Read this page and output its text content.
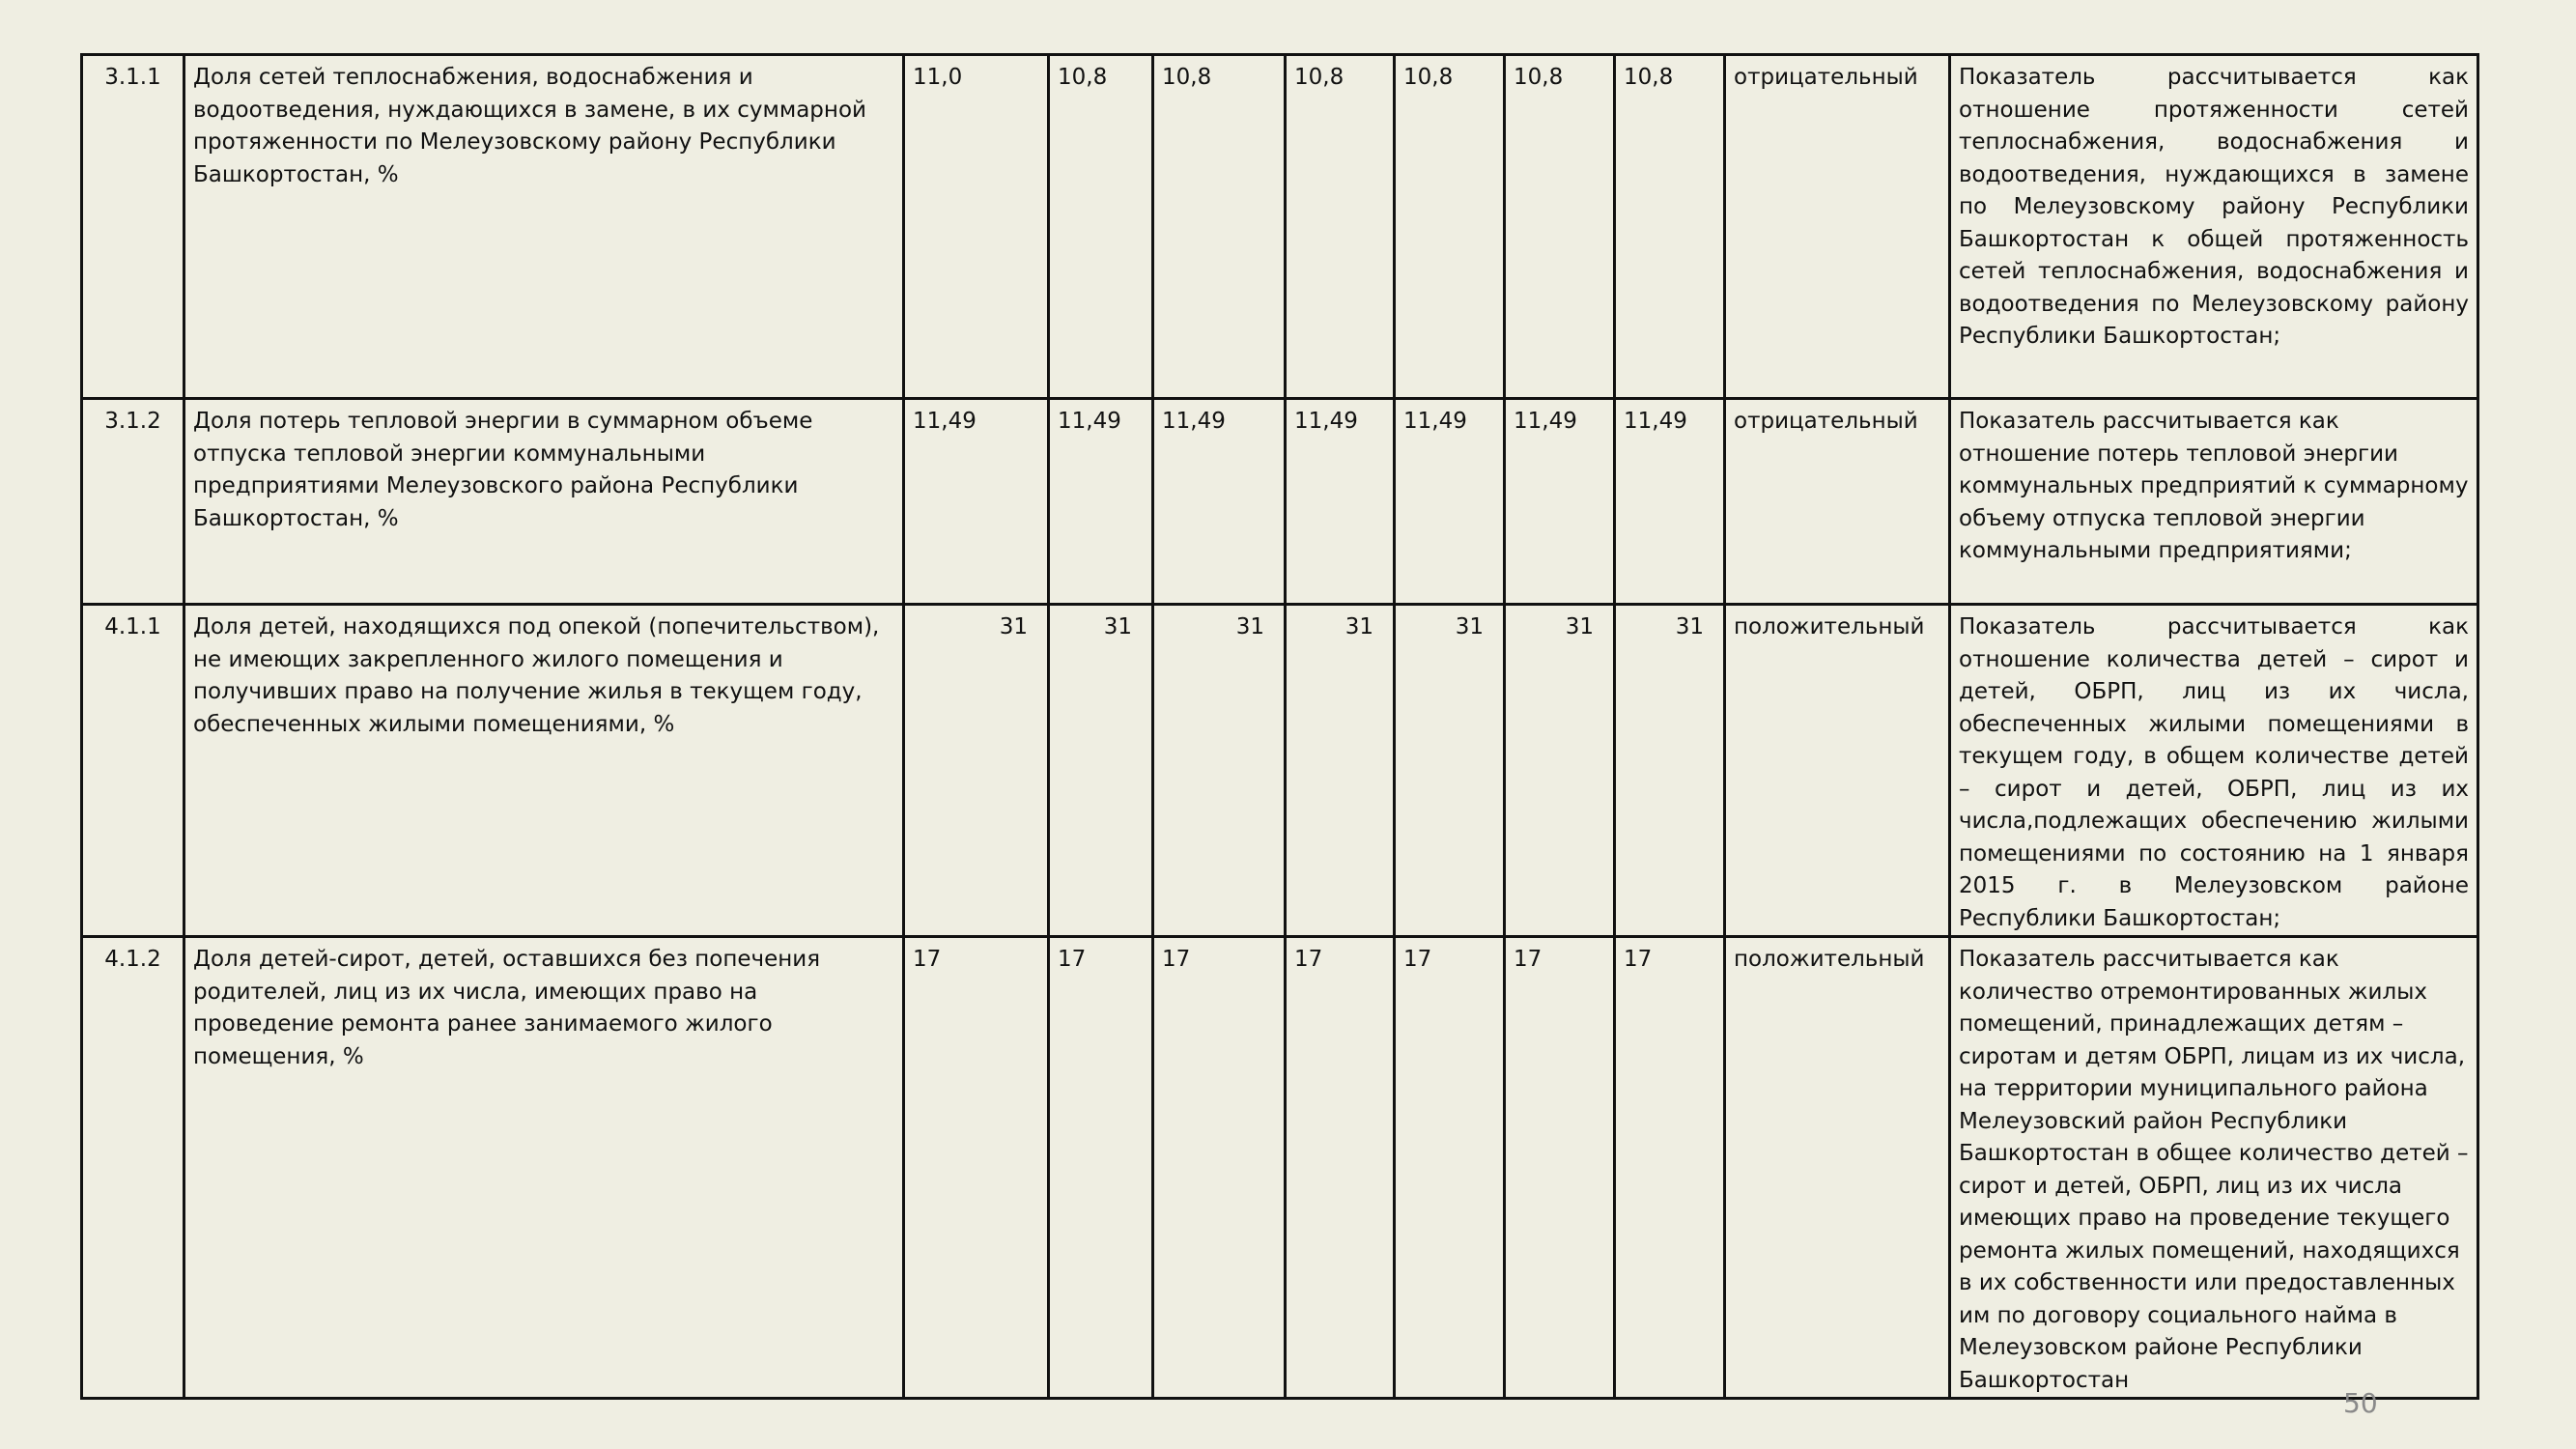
3.1.1	Доля сетей теплоснабжения, водоснабжения и водоотведения, нуждающихся в замене, в их суммарной протяженности по Мелеузовскому району Республики Башкортостан, %	11,0	10,8	10,8	10,8	10,8	10,8	10,8	отрицательный	Показатель рассчитывается как отношение протяженности сетей теплоснабжения, водоснабжения и водоотведения, нуждающихся в замене по Мелеузовскому району Республики Башкортостан к общей протяженность сетей теплоснабжения, водоснабжения и водоотведения по Мелеузовскому району Республики Башкортостан;
3.1.2	Доля потерь тепловой энергии в суммарном объеме отпуска тепловой энергии коммунальными предприятиями Мелеузовского района Республики Башкортостан, %	11,49	11,49	11,49	11,49	11,49	11,49	11,49	отрицательный	Показатель рассчитывается как отношение потерь тепловой энергии коммунальных предприятий к суммарному объему отпуска тепловой энергии коммунальными предприятиями;
4.1.1	Доля детей, находящихся под опекой (попечительством), не имеющих закрепленного жилого помещения и получивших право на получение жилья в текущем году, обеспеченных жилыми помещениями, %	31	31	31	31	31	31	31	положительный	Показатель рассчитывается как отношение количества детей – сирот и детей, ОБРП, лиц из их числа, обеспеченных жилыми помещениями в текущем году, в общем количестве детей – сирот и детей, ОБРП, лиц из их числа,подлежащих обеспечению жилыми помещениями по состоянию на 1 января 2015 г. в Мелеузовском районе Республики Башкортостан;
4.1.2	Доля детей-сирот, детей, оставшихся без попечения родителей, лиц из их числа, имеющих право на проведение ремонта ранее занимаемого жилого помещения, %	17	17	17	17	17	17	17	положительный	Показатель рассчитывается как количество отремонтированных жилых помещений, принадлежащих детям – сиротам и детям ОБРП, лицам из их числа, на территории муниципального района Мелеузовский район Республики Башкортостан в общее количество детей – сирот и детей, ОБРП, лиц из их числа имеющих право на проведение текущего ремонта жилых помещений, находящихся в их собственности или предоставленных им по договору социального найма в Мелеузовском районе Республики Башкортостан
50
